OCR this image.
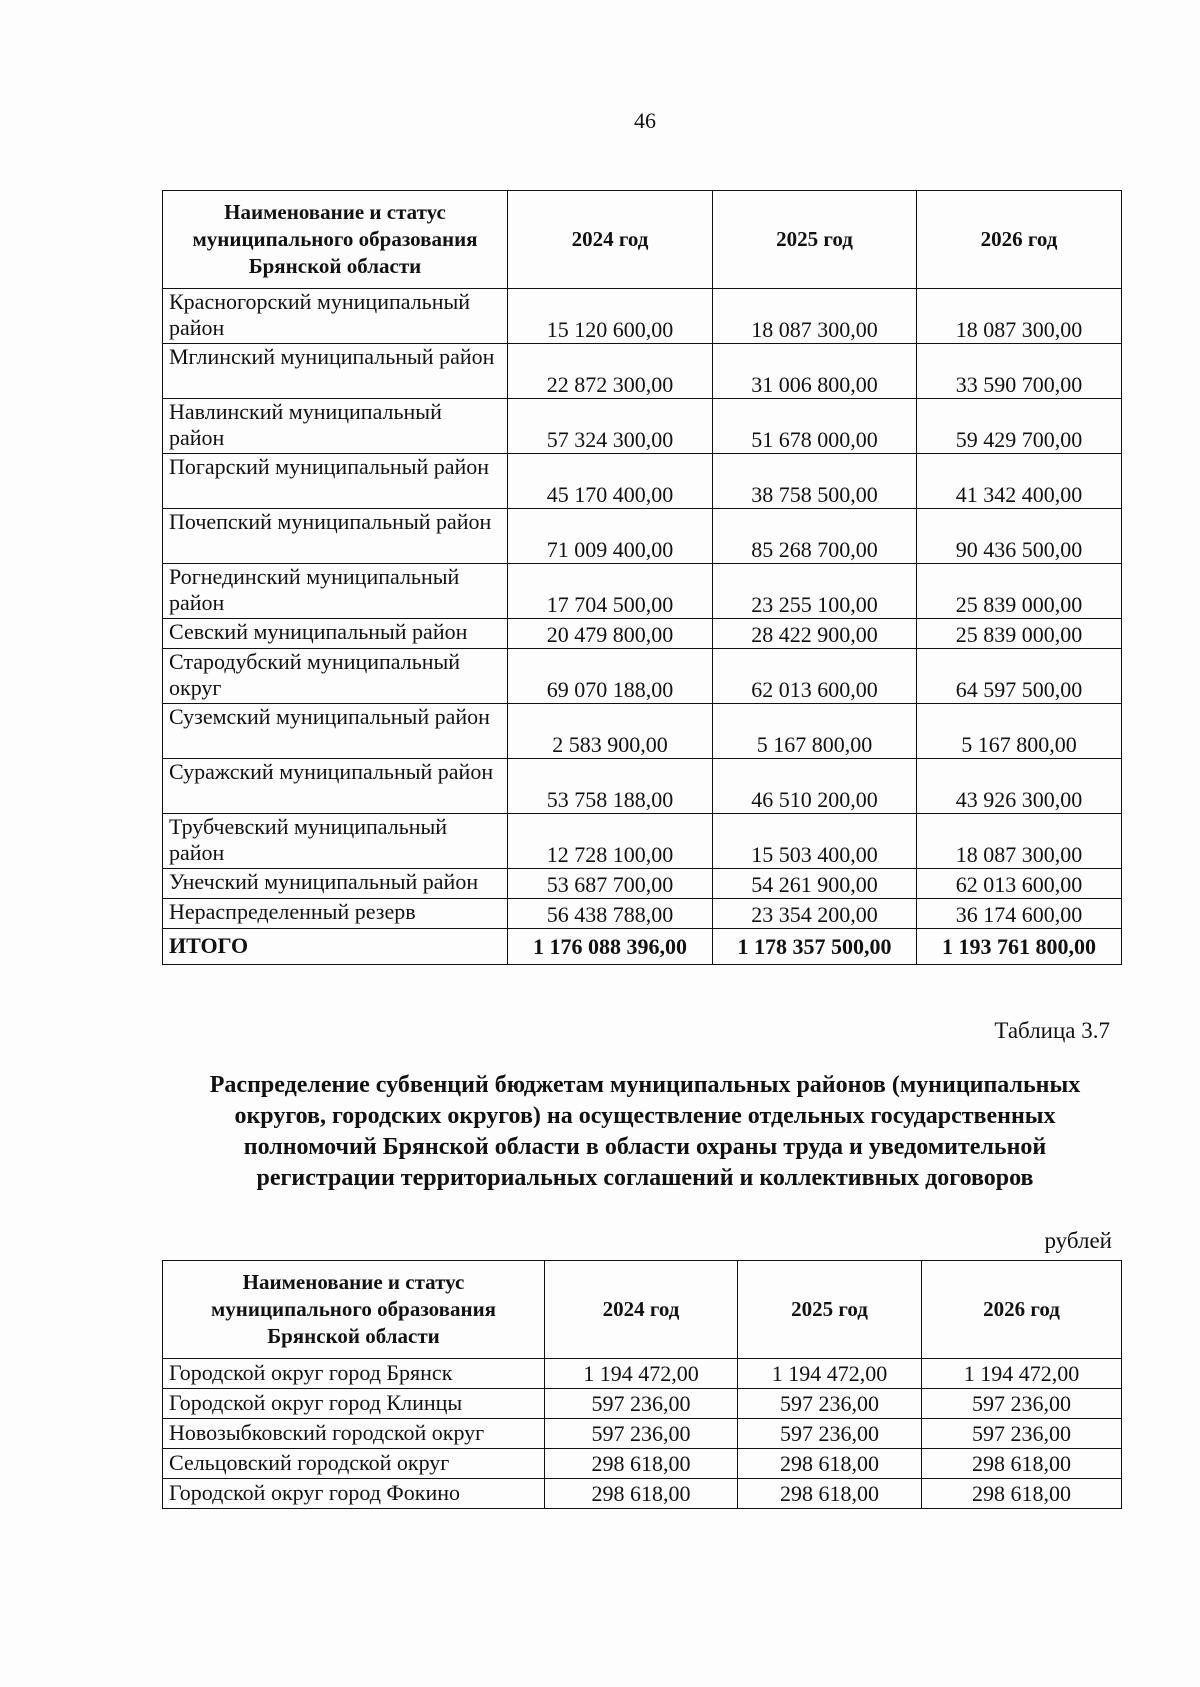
46
Наименование и статус муниципального образования Брянской области	2024 год	2025 год	2026 год
Красногорский муниципальный район	15 120 600,00	18 087 300,00	18 087 300,00
Мглинский муниципальный район	22 872 300,00	31 006 800,00	33 590 700,00
Навлинский муниципальный район	57 324 300,00	51 678 000,00	59 429 700,00
Погарский муниципальный район	45 170 400,00	38 758 500,00	41 342 400,00
Почепский муниципальный район	71 009 400,00	85 268 700,00	90 436 500,00
Рогнединский муниципальный район	17 704 500,00	23 255 100,00	25 839 000,00
Севский муниципальный район	20 479 800,00	28 422 900,00	25 839 000,00
Стародубский муниципальный округ	69 070 188,00	62 013 600,00	64 597 500,00
Суземский муниципальный район	2 583 900,00	5 167 800,00	5 167 800,00
Суражский муниципальный район	53 758 188,00	46 510 200,00	43 926 300,00
Трубчевский муниципальный район	12 728 100,00	15 503 400,00	18 087 300,00
Унечский муниципальный район	53 687 700,00	54 261 900,00	62 013 600,00
Нераспределенный резерв	56 438 788,00	23 354 200,00	36 174 600,00
ИТОГО	1 176 088 396,00	1 178 357 500,00	1 193 761 800,00
Таблица 3.7
Распределение субвенций бюджетам муниципальных районов (муниципальных округов, городских округов) на осуществление отдельных государственных полномочий Брянской области в области охраны труда и уведомительной регистрации территориальных соглашений и коллективных договоров
рублей
Наименование и статус муниципального образования Брянской области	2024 год	2025 год	2026 год
Городской округ город Брянск	1 194 472,00	1 194 472,00	1 194 472,00
Городской округ город Клинцы	597 236,00	597 236,00	597 236,00
Новозыбковский городской округ	597 236,00	597 236,00	597 236,00
Сельцовский городской округ	298 618,00	298 618,00	298 618,00
Городской округ город Фокино	298 618,00	298 618,00	298 618,00
